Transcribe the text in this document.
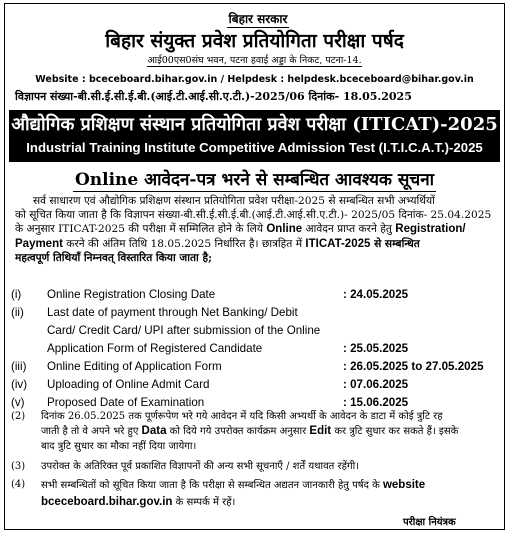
बिहार सरकार
बिहार संयुक्त प्रवेश प्रतियोगिता परीक्षा पर्षद
आई00एस0संघ भवन, पटना हवाई अड्डा के निकट, पटना-14.
Website : bceceboard.bihar.gov.in / Helpdesk : helpdesk.bceceboard@bihar.gov.in
विज्ञापन संख्या-बी.सी.ई.सी.ई.बी.(आई.टी.आई.सी.ए.टी.)-2025/06 दिनांक- 18.05.2025
औद्योगिक प्रशिक्षण संस्थान प्रतियोगिता प्रवेश परीक्षा (ITICAT)-2025
Industrial Training Institute Competitive Admission Test (I.T.I.C.A.T.)-2025
Online आवेदन-पत्र भरने से सम्बन्धित आवश्यक सूचना
सर्व साधारण एवं औद्योगिक प्रशिक्षण संस्थान प्रतियोगिता प्रवेश परीक्षा-2025 से सम्बन्धित सभी अभ्यर्थियों
को सूचित किया जाता है कि विज्ञापन संख्या-बी.सी.ई.सी.ई.बी.(आई.टी.आई.सी.ए.टी.)- 2025/05 दिनांक- 25.04.2025
के अनुसार ITICAT-2025 की परीक्षा में सम्मिलित होने के लिये Online आवेदन प्राप्त करने हेतु Registration/
Payment करने की अंतिम तिथि 18.05.2025 निर्धारित है। छात्रहित में ITICAT-2025 से सम्बन्धित
महत्वपूर्ण तिथियाँ निम्नवत् विस्तारित किया जाता है;
(i) Online Registration Closing Date	: 24.05.2025
(ii) Last date of payment through Net Banking/ Debit
Card/ Credit Card/ UPI after submission of the Online
Application Form of Registered Candidate	: 25.05.2025
(iii) Online Editing of Application Form	: 26.05.2025 to 27.05.2025
(iv) Uploading of Online Admit Card	: 07.06.2025
(v) Proposed Date of Examination	: 15.06.2025
(2) दिनांक 26.05.2025 तक पूर्णरूपेण भरे गये आवेदन में यदि किसी अभ्यर्थी के आवेदन के डाटा में कोई त्रुटि रह
जाती है तो वे अपने भरे हुए Data को दिये गये उपरोक्त कार्यक्रम अनुसार Edit कर त्रुटि सुधार कर सकते हैं। इसके
बाद त्रुटि सुधार का मौका नहीं दिया जायेगा।
(3) उपरोक्त के अतिरिक्त पूर्व प्रकाशित विज्ञापनों की अन्य सभी सूचनाएँ / शर्तें यथावत रहेंगी।
(4) सभी सम्बन्धितों को सूचित किया जाता है कि परीक्षा से सम्बन्धित अद्यतन जानकारी हेतु पर्षद के website
bceceboard.bihar.gov.in के सम्पर्क में रहें।
परीक्षा नियंत्रक
